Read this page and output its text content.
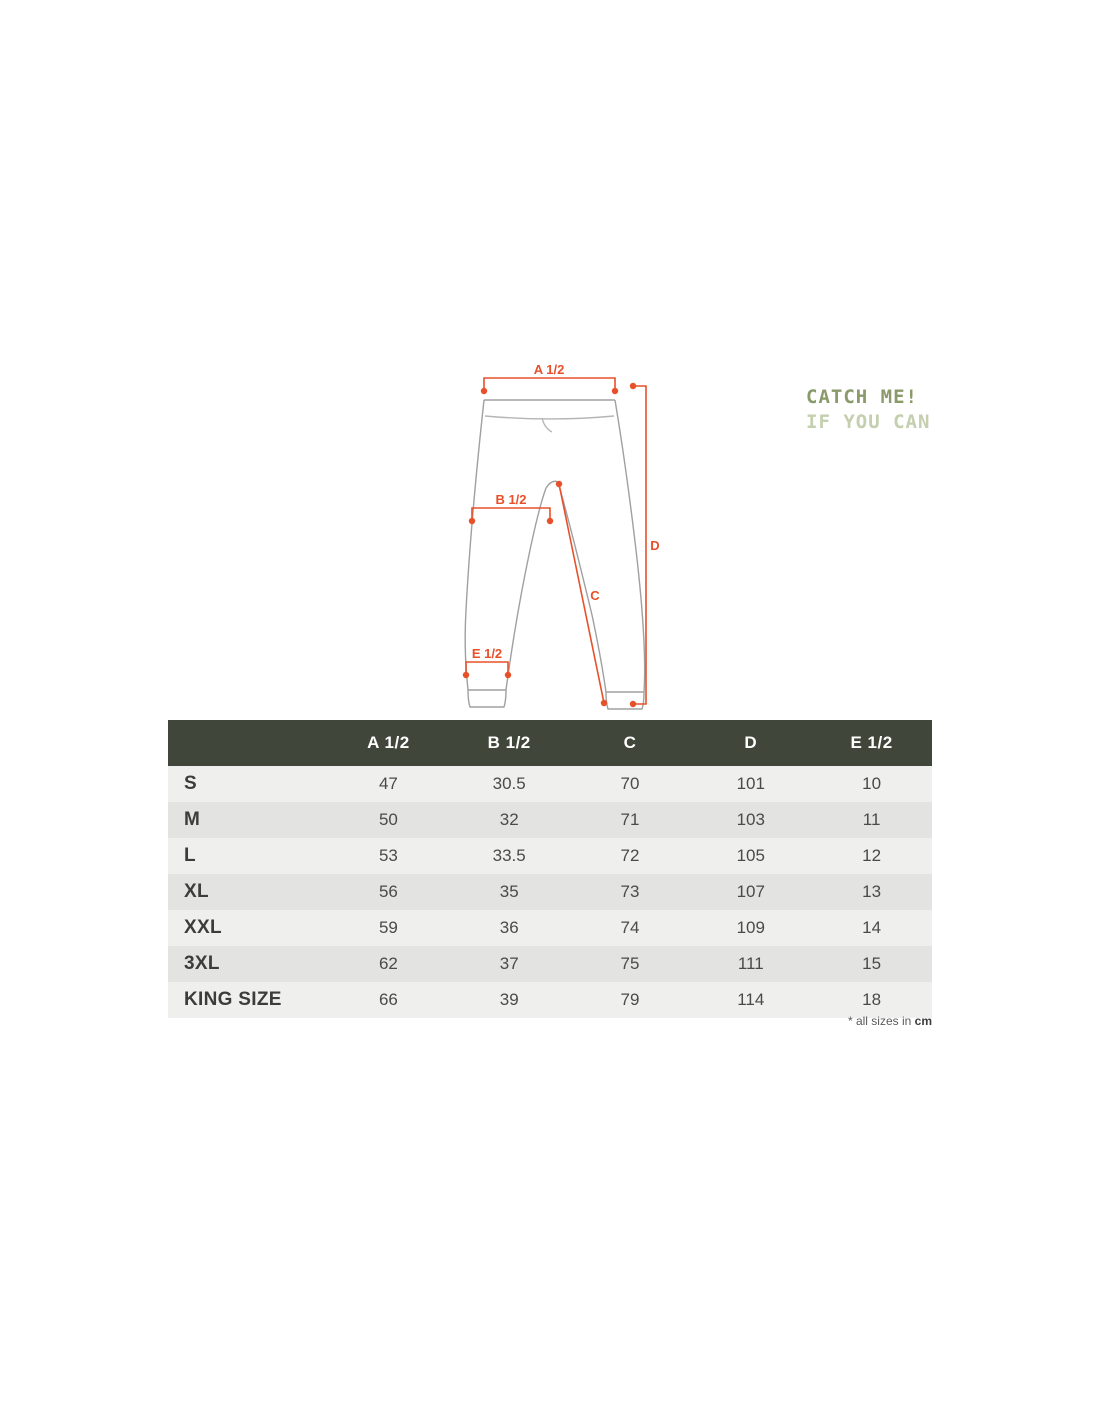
A 1/2
B 1/2
C
D
E 1/2
CATCH ME!
IF YOU CAN
	A 1/2	B 1/2	C	D	E 1/2
S	47	30.5	70	101	10
M	50	32	71	103	11
L	53	33.5	72	105	12
XL	56	35	73	107	13
XXL	59	36	74	109	14
3XL	62	37	75	111	15
KING SIZE	66	39	79	114	18
* all sizes in cm
